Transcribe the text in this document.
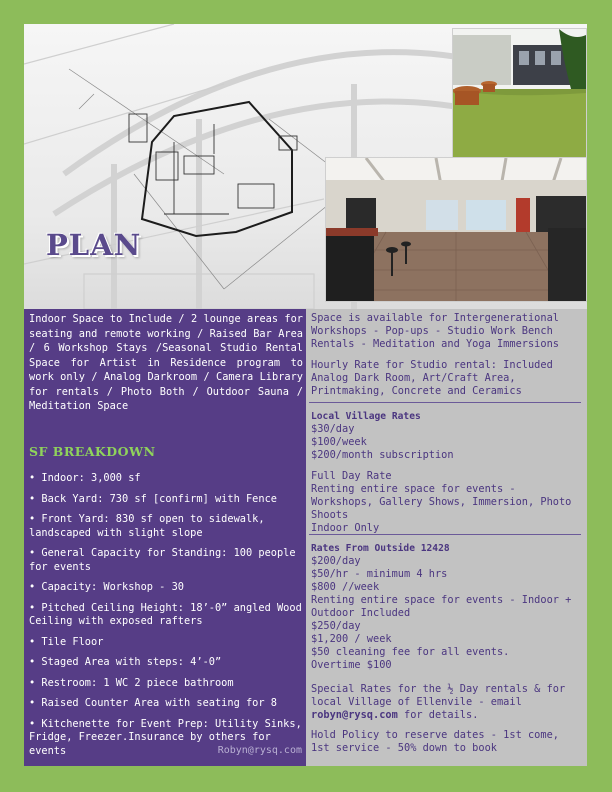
PLAN
Indoor Space to Include / 2 lounge areas for seating and remote working / Raised Bar Area / 6 Workshop Stays /Seasonal Studio Rental Space for Artist in Residence program to work only / Analog Darkroom / Camera Library for rentals / Photo Both / Outdoor Sauna / Meditation Space
SF BREAKDOWN
• Indoor: 3,000 sf
• Back Yard: 730 sf [confirm] with Fence
• Front Yard: 830 sf open to sidewalk, landscaped with slight slope
• General Capacity for Standing: 100 people for events
• Capacity: Workshop - 30
• Pitched Ceiling Height: 18’-0” angled Wood Ceiling with exposed rafters
• Tile Floor
• Staged Area with steps: 4’-0”
• Restroom: 1 WC 2 piece bathroom
• Raised Counter Area with seating for 8
• Kitchenette for Event Prep: Utility Sinks, Fridge, Freezer.Insurance by others for events	Robyn@rysq.com
Space is available for Intergenerational Workshops - Pop-ups - Studio Work Bench Rentals - Meditation and Yoga Immersions
Hourly Rate for Studio rental: Included Analog Dark Room, Art/Craft Area, Printmaking, Concrete and Ceramics

Local Village Rates

$30/day

$100/week

$200/month subscription

Full Day Rate

Renting entire space for events - Workshops, Gallery Shows, Immersion, Photo Shoots

Indoor Only

Rates From Outside 12428

$200/day

$50/hr - minimum 4 hrs

$800 //week

Renting entire space for events - Indoor + Outdoor Included

$250/day

$1,200 / week

$50 cleaning fee for all events.

Overtime $100

Special Rates for the ½ Day rentals & for local Village of Ellenvile - email robyn@rysq.com for details.
Hold Policy to reserve dates - 1st come, 1st service - 50% down to book
